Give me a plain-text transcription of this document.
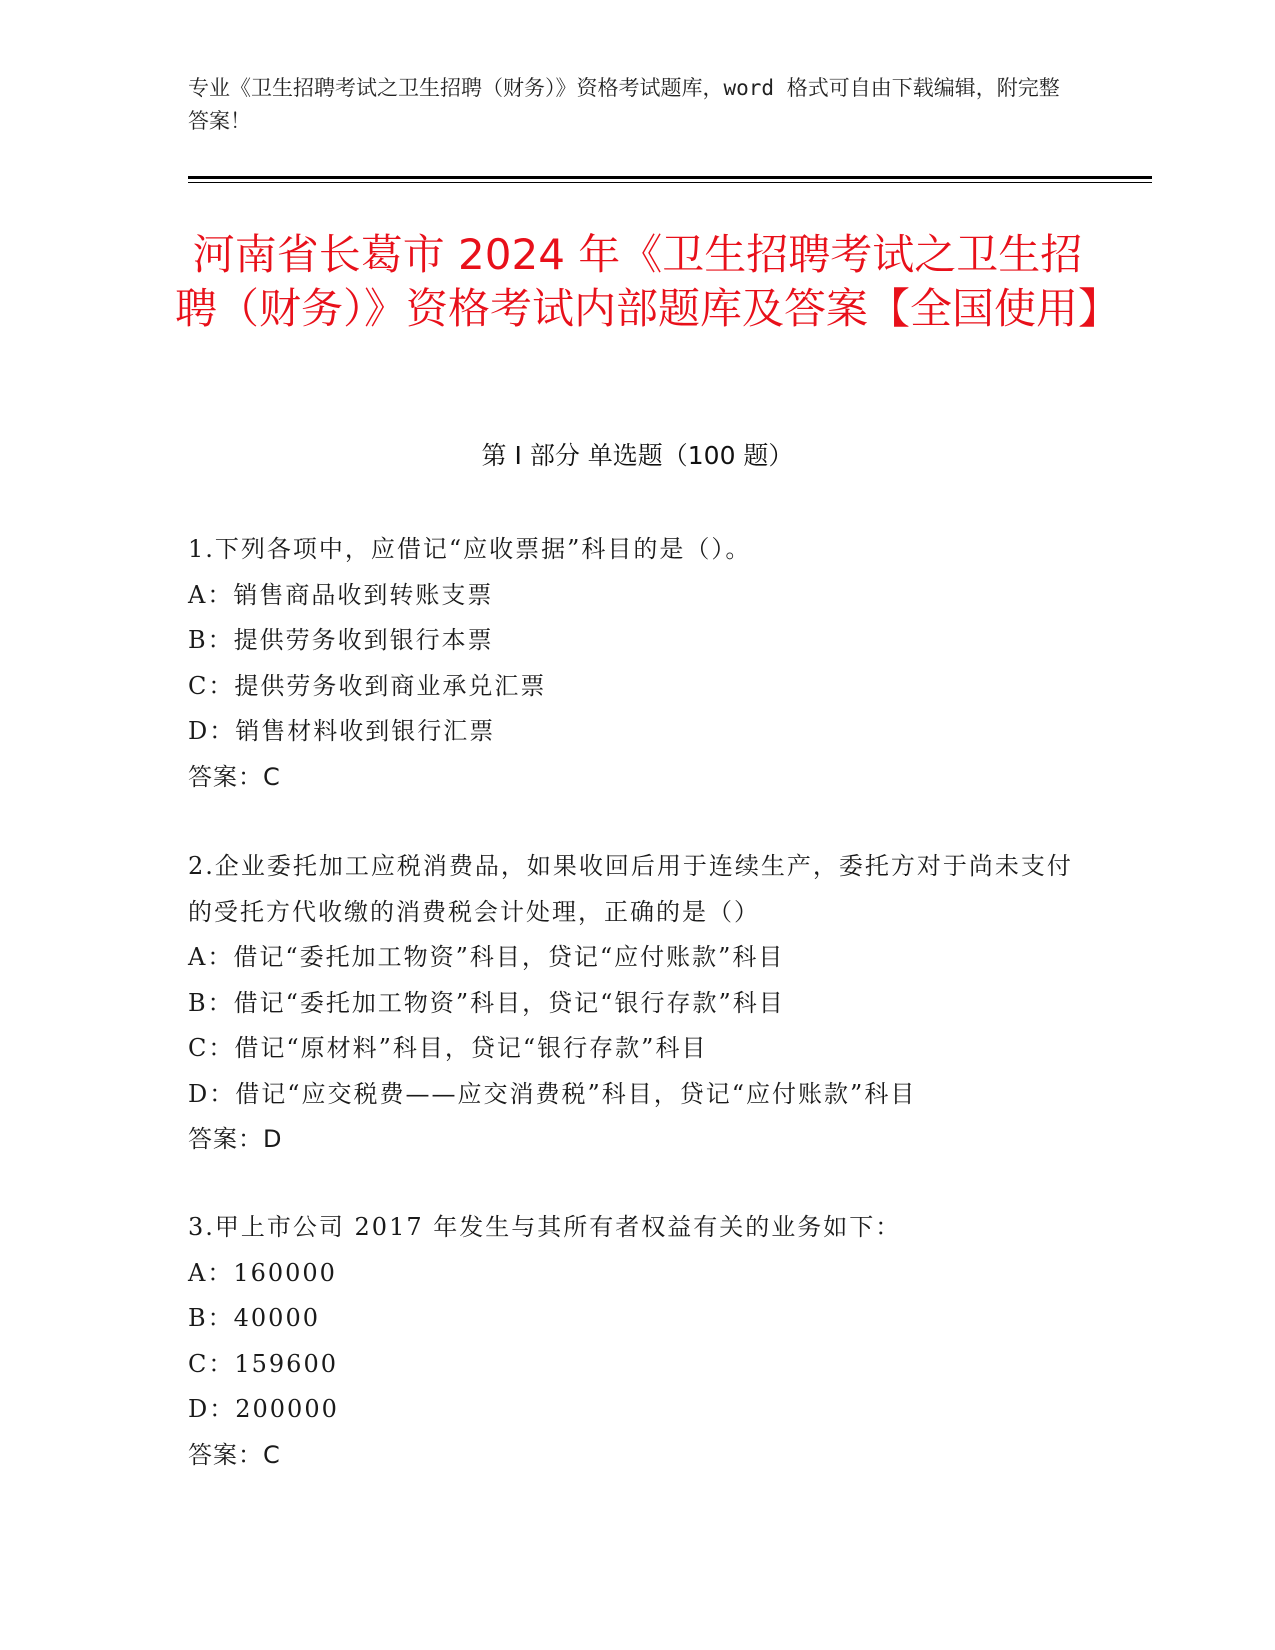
专业《卫生招聘考试之卫生招聘（财务）》资格考试题库，word 格式可自由下载编辑，附完整答案！
河南省长葛市 2024 年《卫生招聘考试之卫生招聘（财务）》资格考试内部题库及答案【全国使用】
第 I 部分 单选题（100 题）
1.下列各项中，应借记“应收票据”科目的是（）。
A：销售商品收到转账支票
B：提供劳务收到银行本票
C：提供劳务收到商业承兑汇票
D：销售材料收到银行汇票
答案：C
2.企业委托加工应税消费品，如果收回后用于连续生产，委托方对于尚未支付的受托方代收缴的消费税会计处理，正确的是（）
A：借记“委托加工物资”科目，贷记“应付账款”科目
B：借记“委托加工物资”科目，贷记“银行存款”科目
C：借记“原材料”科目，贷记“银行存款”科目
D：借记“应交税费——应交消费税”科目，贷记“应付账款”科目
答案：D
3.甲上市公司 2017 年发生与其所有者权益有关的业务如下：
A：160000
B：40000
C：159600
D：200000
答案：C
